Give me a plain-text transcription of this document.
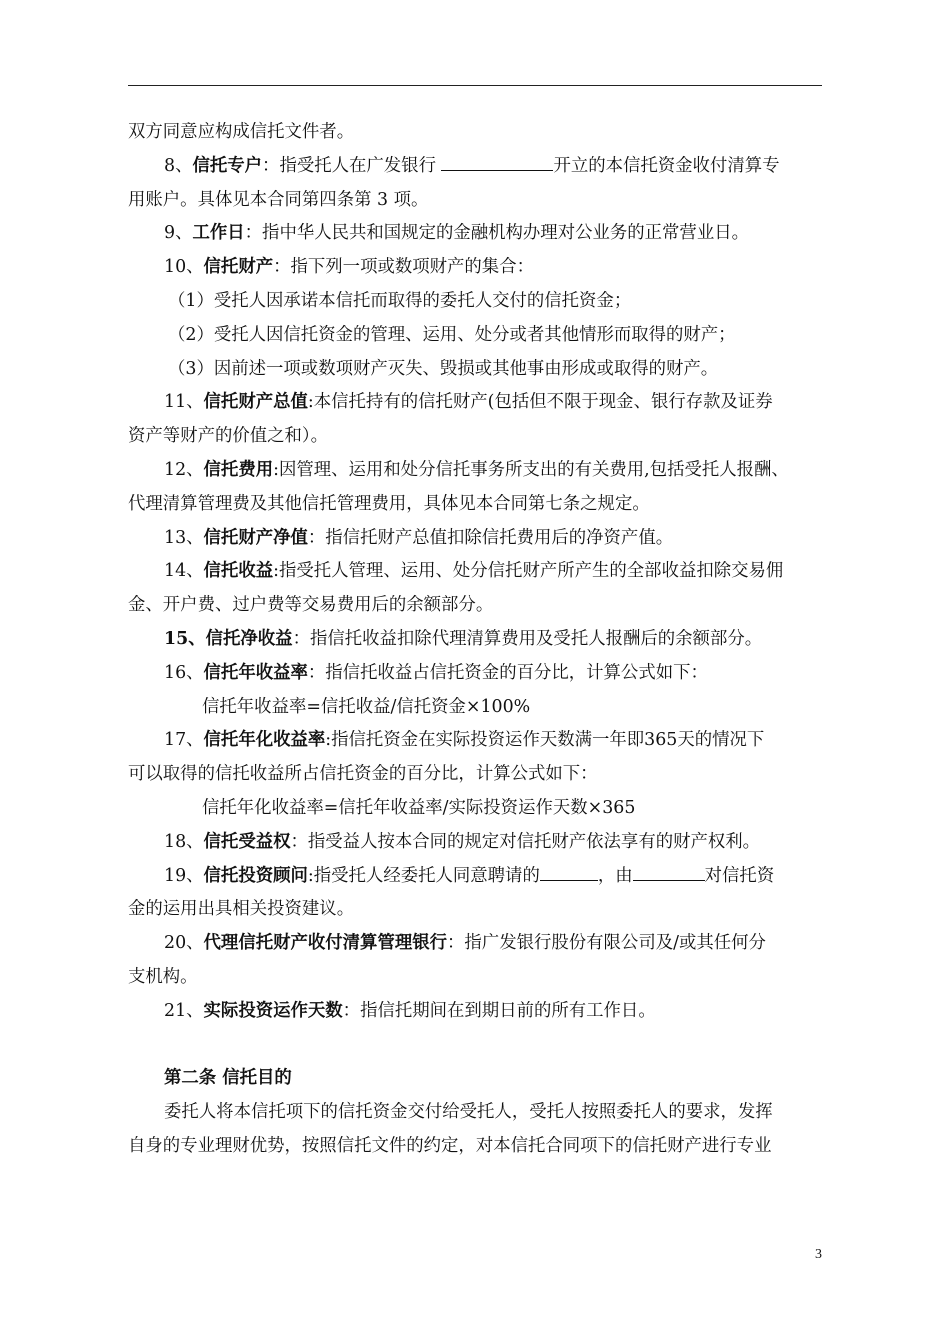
双方同意应构成信托文件者。

8、信托专户：指受托人在广发银行	开立的本信托资金收付清算专

用账户。具体见本合同第四条第 3 项。

9、工作日：指中华人民共和国规定的金融机构办理对公业务的正常营业日。

10、信托财产：指下列一项或数项财产的集合：

（1）受托人因承诺本信托而取得的委托人交付的信托资金；

（2）受托人因信托资金的管理、运用、处分或者其他情形而取得的财产；

（3）因前述一项或数项财产灭失、毁损或其他事由形成或取得的财产。

11、信托财产总值:本信托持有的信托财产(包括但不限于现金、银行存款及证券

资产等财产的价值之和）。

12、信托费用:因管理、运用和处分信托事务所支出的有关费用,包括受托人报酬、

代理清算管理费及其他信托管理费用，具体见本合同第七条之规定。

13、信托财产净值：指信托财产总值扣除信托费用后的净资产值。

14、信托收益:指受托人管理、运用、处分信托财产所产生的全部收益扣除交易佣

金、开户费、过户费等交易费用后的余额部分。

15、信托净收益：指信托收益扣除代理清算费用及受托人报酬后的余额部分。

16、信托年收益率：指信托收益占信托资金的百分比，计算公式如下：

信托年收益率=信托收益/信托资金×100%

17、信托年化收益率:指信托资金在实际投资运作天数满一年即365天的情况下

可以取得的信托收益所占信托资金的百分比，计算公式如下：

信托年化收益率=信托年收益率/实际投资运作天数×365

18、信托受益权：指受益人按本合同的规定对信托财产依法享有的财产权利。

19、信托投资顾问:指受托人经委托人同意聘请的	，由	对信托资

金的运用出具相关投资建议。

20、代理信托财产收付清算管理银行：指广发银行股份有限公司及/或其任何分

支机构。

21、实际投资运作天数：指信托期间在到期日前的所有工作日。

第二条 信托目的

委托人将本信托项下的信托资金交付给受托人，受托人按照委托人的要求，发挥

自身的专业理财优势，按照信托文件的约定，对本信托合同项下的信托财产进行专业

3
